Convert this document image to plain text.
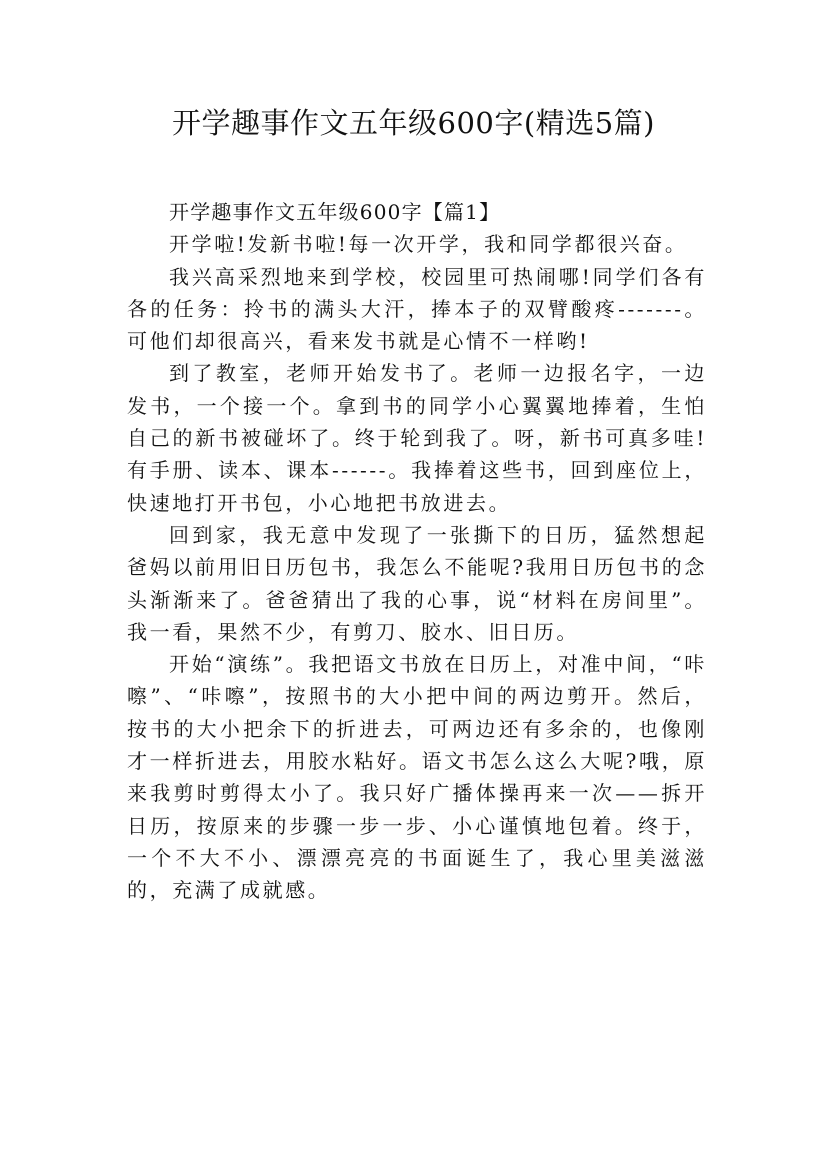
开学趣事作文五年级600字(精选5篇)

开学趣事作文五年级600字【篇1】

开学啦!发新书啦!每一次开学，我和同学都很兴奋。

我兴高采烈地来到学校，校园里可热闹哪!同学们各有各的任务：拎书的满头大汗，捧本子的双臂酸疼-------。可他们却很高兴，看来发书就是心情不一样哟!

到了教室，老师开始发书了。老师一边报名字，一边发书，一个接一个。拿到书的同学小心翼翼地捧着，生怕自己的新书被碰坏了。终于轮到我了。呀，新书可真多哇!有手册、读本、课本------。我捧着这些书，回到座位上，快速地打开书包，小心地把书放进去。

回到家，我无意中发现了一张撕下的日历，猛然想起爸妈以前用旧日历包书，我怎么不能呢?我用日历包书的念头渐渐来了。爸爸猜出了我的心事，说“材料在房间里”。我一看，果然不少，有剪刀、胶水、旧日历。

开始“演练”。我把语文书放在日历上，对准中间，“咔嚓”、“咔嚓”，按照书的大小把中间的两边剪开。然后，按书的大小把余下的折进去，可两边还有多余的，也像刚才一样折进去，用胶水粘好。语文书怎么这么大呢?哦，原来我剪时剪得太小了。我只好广播体操再来一次——拆开日历，按原来的步骤一步一步、小心谨慎地包着。终于，一个不大不小、漂漂亮亮的书面诞生了，我心里美滋滋的，充满了成就感。
